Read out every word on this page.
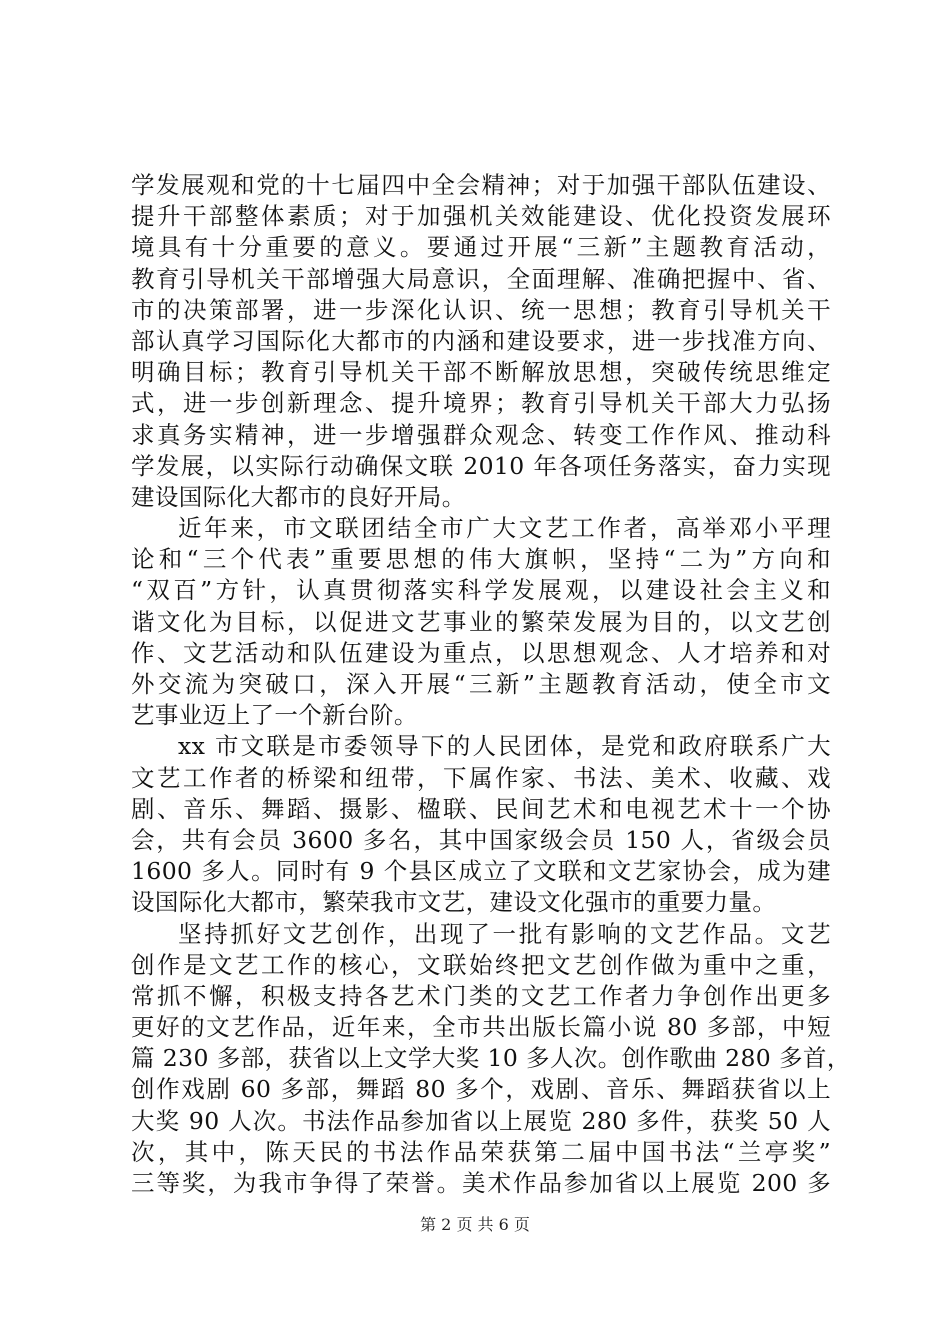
学发展观和党的十七届四中全会精神；对于加强干部队伍建设、
提升干部整体素质；对于加强机关效能建设、优化投资发展环
境具有十分重要的意义。要通过开展“三新”主题教育活动，
教育引导机关干部增强大局意识，全面理解、准确把握中、省、
市的决策部署，进一步深化认识、统一思想；教育引导机关干
部认真学习国际化大都市的内涵和建设要求，进一步找准方向、
明确目标；教育引导机关干部不断解放思想，突破传统思维定
式，进一步创新理念、提升境界；教育引导机关干部大力弘扬
求真务实精神，进一步增强群众观念、转变工作作风、推动科
学发展，以实际行动确保文联 2010 年各项任务落实，奋力实现
建设国际化大都市的良好开局。
近年来，市文联团结全市广大文艺工作者，高举邓小平理
论和“三个代表”重要思想的伟大旗帜，坚持“二为”方向和
“双百”方针，认真贯彻落实科学发展观，以建设社会主义和
谐文化为目标，以促进文艺事业的繁荣发展为目的，以文艺创
作、文艺活动和队伍建设为重点，以思想观念、人才培养和对
外交流为突破口，深入开展“三新”主题教育活动，使全市文
艺事业迈上了一个新台阶。
xx 市文联是市委领导下的人民团体，是党和政府联系广大
文艺工作者的桥梁和纽带，下属作家、书法、美术、收藏、戏
剧、音乐、舞蹈、摄影、楹联、民间艺术和电视艺术十一个协
会，共有会员 3600 多名，其中国家级会员 150 人，省级会员
1600 多人。同时有 9 个县区成立了文联和文艺家协会，成为建
设国际化大都市，繁荣我市文艺，建设文化强市的重要力量。
坚持抓好文艺创作，出现了一批有影响的文艺作品。文艺
创作是文艺工作的核心，文联始终把文艺创作做为重中之重，
常抓不懈，积极支持各艺术门类的文艺工作者力争创作出更多
更好的文艺作品，近年来，全市共出版长篇小说 80 多部，中短
篇 230 多部，获省以上文学大奖 10 多人次。创作歌曲 280 多首，
创作戏剧 60 多部，舞蹈 80 多个，戏剧、音乐、舞蹈获省以上
大奖 90 人次。书法作品参加省以上展览 280 多件，获奖 50 人
次，其中，陈天民的书法作品荣获第二届中国书法“兰亭奖”
三等奖，为我市争得了荣誉。美术作品参加省以上展览 200 多
第 2 页 共 6 页
